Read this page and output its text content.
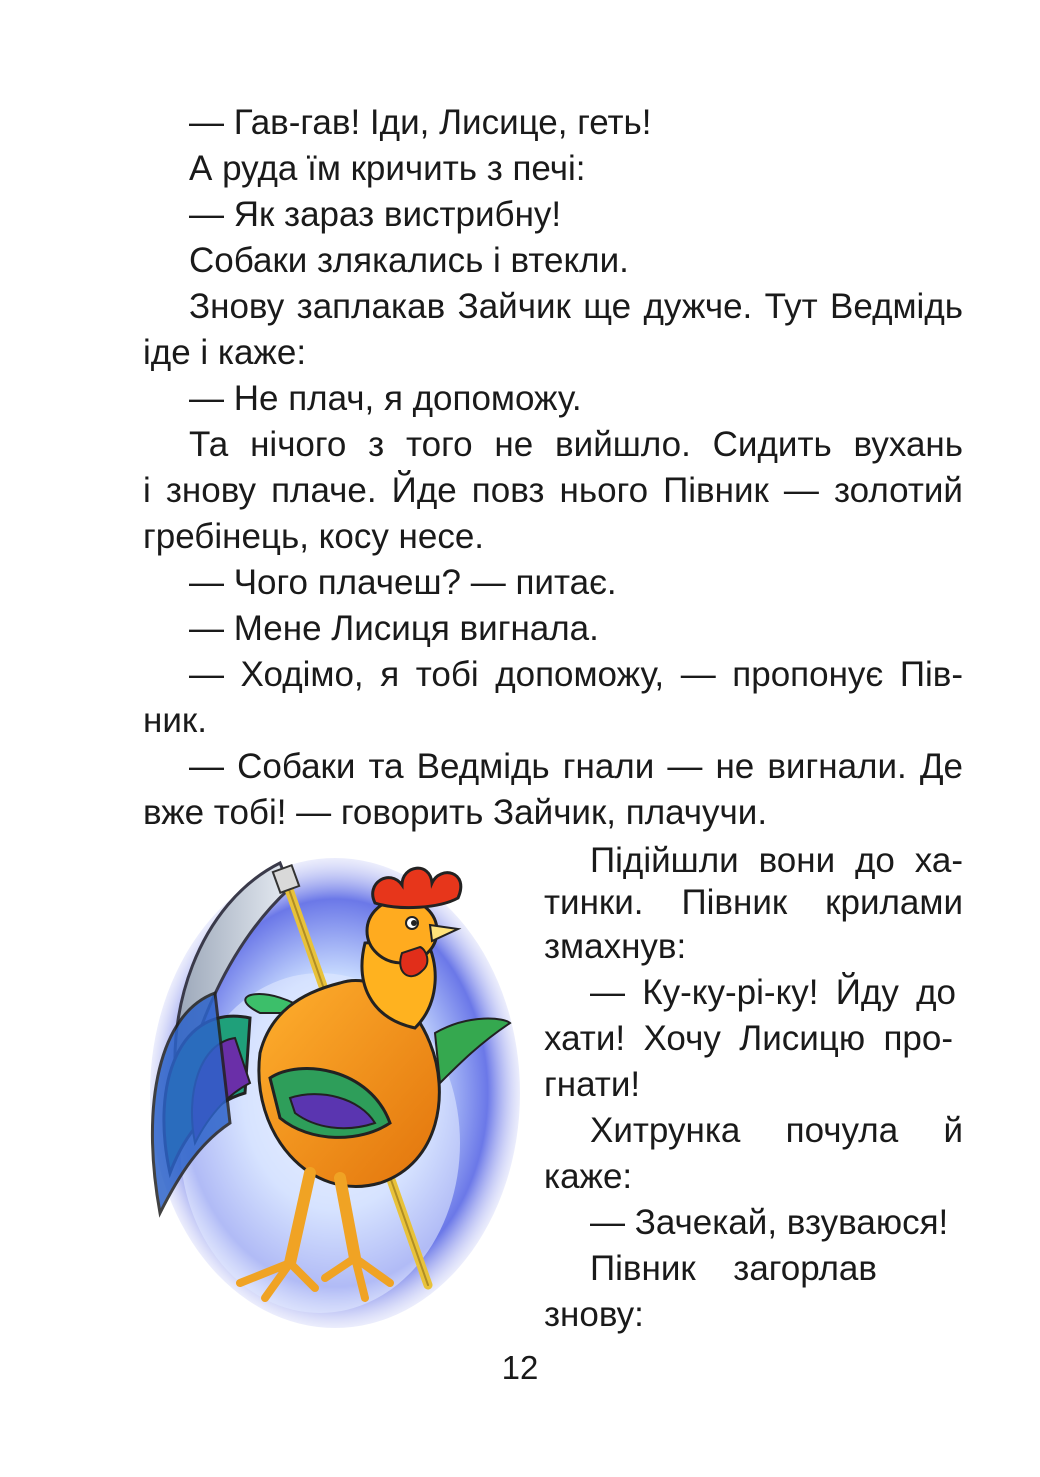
— Гав-гав! Іди, Лисице, геть!

А руда їм кричить з печі:

— Як зараз вистрибну!

Собаки злякались і втекли.

Знову заплакав Зайчик ще дужче. Тут Ведмідь

іде і каже:

— Не плач, я допоможу.

Та нічого з того не вийшло. Сидить вухань

і знову плаче. Йде повз нього Півник — золотий

гребінець, косу несе.

— Чого плачеш? — питає.

— Мене Лисиця вигнала.

— Ходімо, я тобі допоможу, — пропонує Пів-

ник.

— Собаки та Ведмідь гнали — не вигнали. Де

вже тобі! — говорить Зайчик, плачучи.

Підійшли вони до ха-

тинки. Півник крилами

змахнув:

— Ку-ку-рі-ку! Йду до

хати! Хочу Лисицю про-

гнати!

Хитрунка почула й

каже:

— Зачекай, взуваюся!

Півник загорлав

знову:

12
